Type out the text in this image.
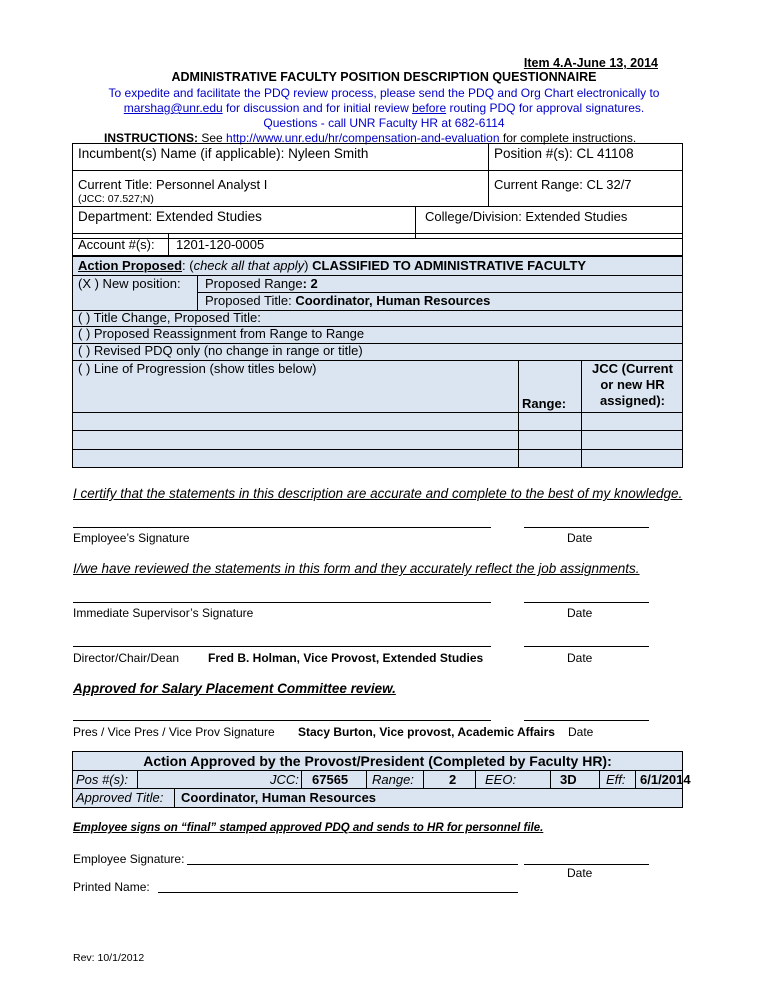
Item 4.A-June 13, 2014
ADMINISTRATIVE FACULTY POSITION DESCRIPTION QUESTIONNAIRE
To expedite and facilitate the PDQ review process, please send the PDQ and Org Chart electronically to
marshag@unr.edu for discussion and for initial review before routing PDQ for approval signatures.
Questions - call UNR Faculty HR at 682-6114
INSTRUCTIONS: See http://www.unr.edu/hr/compensation-and-evaluation for complete instructions.
Incumbent(s) Name (if applicable): Nyleen Smith	Position #(s): CL 41108
Current Title: Personnel Analyst I
(JCC: 07.527;N)
Current Range: CL 32/7
Department: Extended Studies	College/Division: Extended Studies
Account #(s): 1201-120-0005
Action Proposed: (check all that apply) CLASSIFIED TO ADMINISTRATIVE FACULTY
(X ) New position: Proposed Range: 2
Proposed Title: Coordinator, Human Resources
( ) Title Change, Proposed Title:
( ) Proposed Reassignment from Range to Range
( ) Revised PDQ only (no change in range or title)
( ) Line of Progression (show titles below)
Range:
JCC (Current or new HR assigned):
I certify that the statements in this description are accurate and complete to the best of my knowledge.
Employee’s Signature	Date
I/we have reviewed the statements in this form and they accurately reflect the job assignments.
Immediate Supervisor’s Signature	Date
Director/Chair/Dean Fred B. Holman, Vice Provost, Extended Studies	Date
Approved for Salary Placement Committee review.
Pres / Vice Pres / Vice Prov Signature Stacy Burton, Vice provost, Academic Affairs Date
Action Approved by the Provost/President (Completed by Faculty HR):
Pos #(s):	JCC: 67565 Range:	2 EEO:	3D Eff: 6/1/2014
Approved Title: Coordinator, Human Resources
Employee signs on “final” stamped approved PDQ and sends to HR for personnel file.
Employee Signature:
Date
Printed Name:
Rev: 10/1/2012
